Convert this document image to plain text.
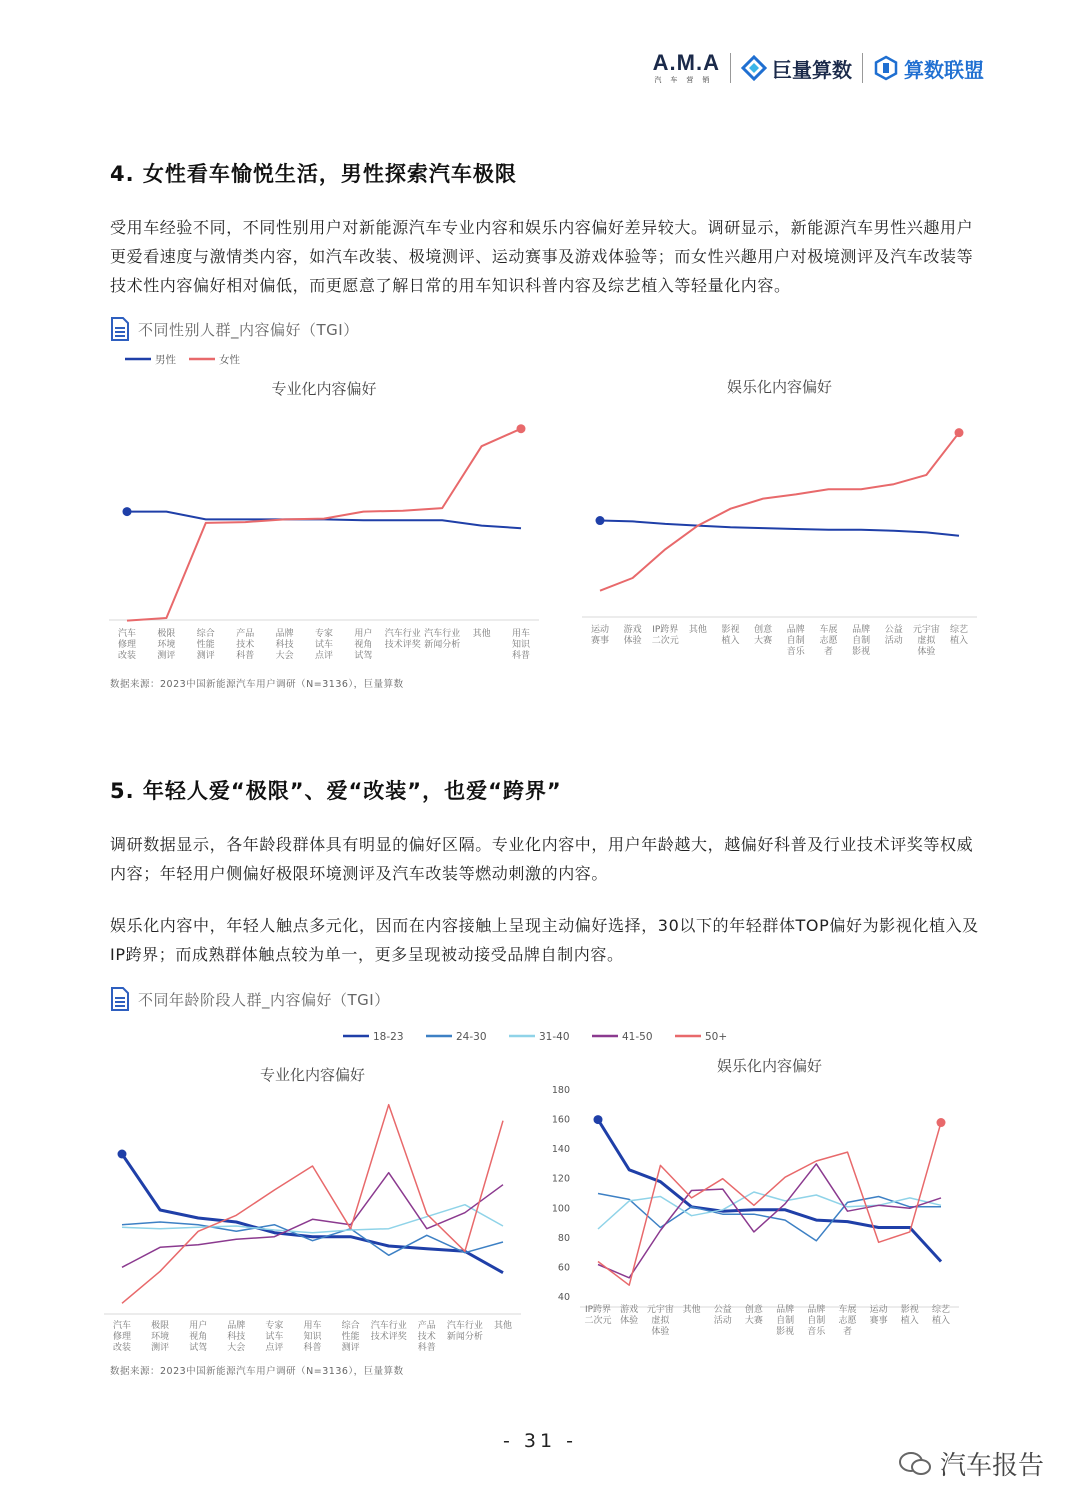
A.M.A
汽车营销	巨量算数	算数联盟
4. 女性看车愉悦生活，男性探索汽车极限

受用车经验不同，不同性别用户对新能源汽车专业内容和娱乐内容偏好差异较大。调研显示，新能源汽车男性兴趣用户更爱看速度与激情类内容，如汽车改装、极境测评、运动赛事及游戏体验等；而女性兴趣用户对极境测评及汽车改装等技术性内容偏好相对偏低，而更愿意了解日常的用车知识科普内容及综艺植入等轻量化内容。

不同性别人群_内容偏好（TGI）
男性	女性
专业化内容偏好
汽车
修理
改装
极限
环境
测评
综合
性能
测评
产品
技术
科普
品牌
科技
大会
专家
试车
点评
用户
视角
试驾
汽车行业
技术评奖
汽车行业
新闻分析
其他 用车
知识
科普
娱乐化内容偏好
运动
赛事
游戏
体验
IP跨界
二次元
其他 影视
植入
创意
大赛
品牌
自制
音乐
车展
志愿
者
品牌
自制
影视
公益
活动
元宇宙
虚拟
体验
综艺
植入
数据来源：2023中国新能源汽车用户调研（N=3136），巨量算数
5. 年轻人爱“极限”、爱“改装”，也爱“跨界”

调研数据显示，各年龄段群体具有明显的偏好区隔。专业化内容中，用户年龄越大，越偏好科普及行业技术评奖等权威内容；年轻用户侧偏好极限环境测评及汽车改装等燃动刺激的内容。

娱乐化内容中，年轻人触点多元化，因而在内容接触上呈现主动偏好选择，30以下的年轻群体TOP偏好为影视化植入及IP跨界；而成熟群体触点较为单一，更多呈现被动接受品牌自制内容。

不同年龄阶段人群_内容偏好（TGI）
18-23	24-30	31-40	41-50	50+
专业化内容偏好
汽车
修理
改装
极限
环境
测评
用户
视角
试驾
品牌
科技
大会
专家
试车
点评
用车
知识
科普
综合
性能
测评
汽车行业
技术评奖
产品
技术
科普
汽车行业
新闻分析
其他
娱乐化内容偏好
40
60
80
100
120
140
160
180
IP跨界
二次元
游戏
体验
元宇宙
虚拟
体验
其他 公益
活动
创意
大赛
品牌
自制
影视
品牌
自制
音乐
车展
志愿
者
运动
赛事
影视
植入
综艺
植入
数据来源：2023中国新能源汽车用户调研（N=3136），巨量算数
- 31 -
汽车报告
